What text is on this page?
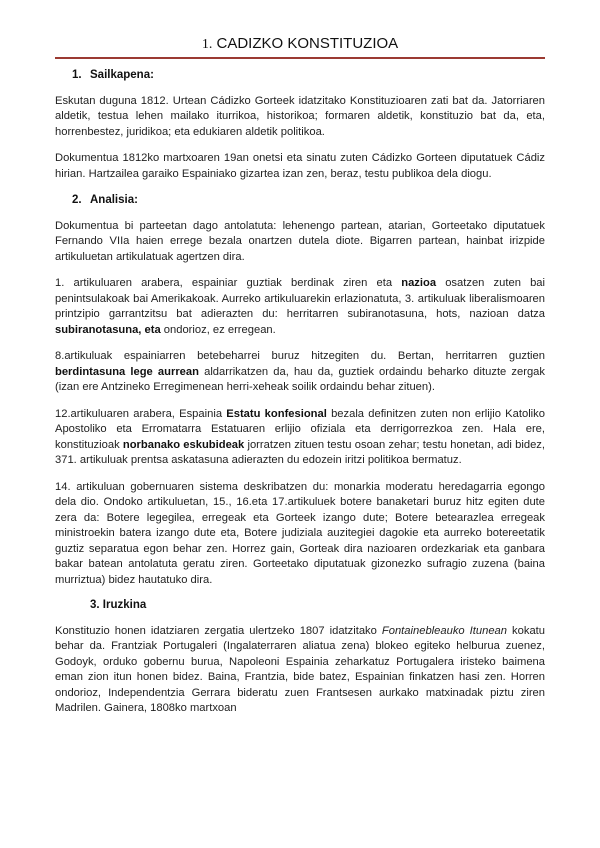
1. CADIZKO KONSTITUZIOA
1. Sailkapena:

Eskutan duguna 1812. Urtean Cádizko Gorteek idatzitako Konstituzioaren zati bat da. Jatorriaren aldetik, testua lehen mailako iturrikoa, historikoa; formaren aldetik, konstituzio bat da, eta, horrenbestez, juridikoa; eta edukiaren aldetik politikoa.

Dokumentua 1812ko martxoaren 19an onetsi eta sinatu zuten Cádizko Gorteen diputatuek Cádiz hirian. Hartzailea garaiko Espainiako gizartea izan zen, beraz, testu publikoa dela diogu.

2. Analisia:

Dokumentua bi parteetan dago antolatuta: lehenengo partean, atarian, Gorteetako diputatuek Fernando VIIa haien errege bezala onartzen dutela diote. Bigarren partean, hainbat irizpide artikuluetan artikulatuak agertzen dira.

1. artikuluaren arabera, espainiar guztiak berdinak ziren eta nazioa osatzen zuten bai penintsulakoak bai Amerikakoak. Aurreko artikuluarekin erlazionatuta, 3. artikuluak liberalismoaren printzipio garrantzitsu bat adierazten du: herritarren subiranotasuna, hots, nazioan datza subiranotasuna, eta ondorioz, ez erregean.

8.artikuluak espainiarren betebeharrei buruz hitzegiten du. Bertan, herritarren guztien berdintasuna lege aurrean aldarrikatzen da, hau da, guztiek ordaindu beharko dituzte zergak (izan ere Antzineko Erregimenean herri-xeheak soilik ordaindu behar zituen).

12.artikuluaren arabera, Espainia Estatu konfesional bezala definitzen zuten non erlijio Katoliko Apostoliko eta Erromatarra Estatuaren erlijio ofiziala eta derrigorrezkoa zen. Hala ere, konstituzioak norbanako eskubideak jorratzen zituen testu osoan zehar; testu honetan, adi bidez, 371. artikuluak prentsa askatasuna adierazten du edozein iritzi politikoa bermatuz.

14. artikuluan gobernuaren sistema deskribatzen du: monarkia moderatu heredagarria egongo dela dio. Ondoko artikuluetan, 15., 16.eta 17.artikuluek botere banaketari buruz hitz egiten dute zera da: Botere legegilea, erregeak eta Gorteek izango dute; Botere betearazlea erregeak ministroekin batera izango dute eta, Botere judiziala auzitegiei dagokie eta aurreko botereetatik guztiz separatua egon behar zen. Horrez gain, Gorteak dira nazioaren ordezkariak eta ganbara bakar batean antolatuta geratu ziren. Gorteetako diputatuak gizonezko sufragio zuzena (baina murriztua) bidez hautatuko dira.

3. Iruzkina

Konstituzio honen idatziaren zergatia ulertzeko 1807 idatzitako Fontainebleauko Itunean kokatu behar da. Frantziak Portugaleri (Ingalaterraren aliatua zena) blokeo egiteko helburua zuenez, Godoyk, orduko gobernu burua, Napoleoni Espainia zeharkatuz Portugalera iristeko baimena eman zion itun honen bidez. Baina, Frantzia, bide batez, Espainian finkatzen hasi zen. Horren ondorioz, Independentzia Gerrara bideratu zuen Frantsesen aurkako matxinadak piztu ziren Madrilen. Gainera, 1808ko martxoan
